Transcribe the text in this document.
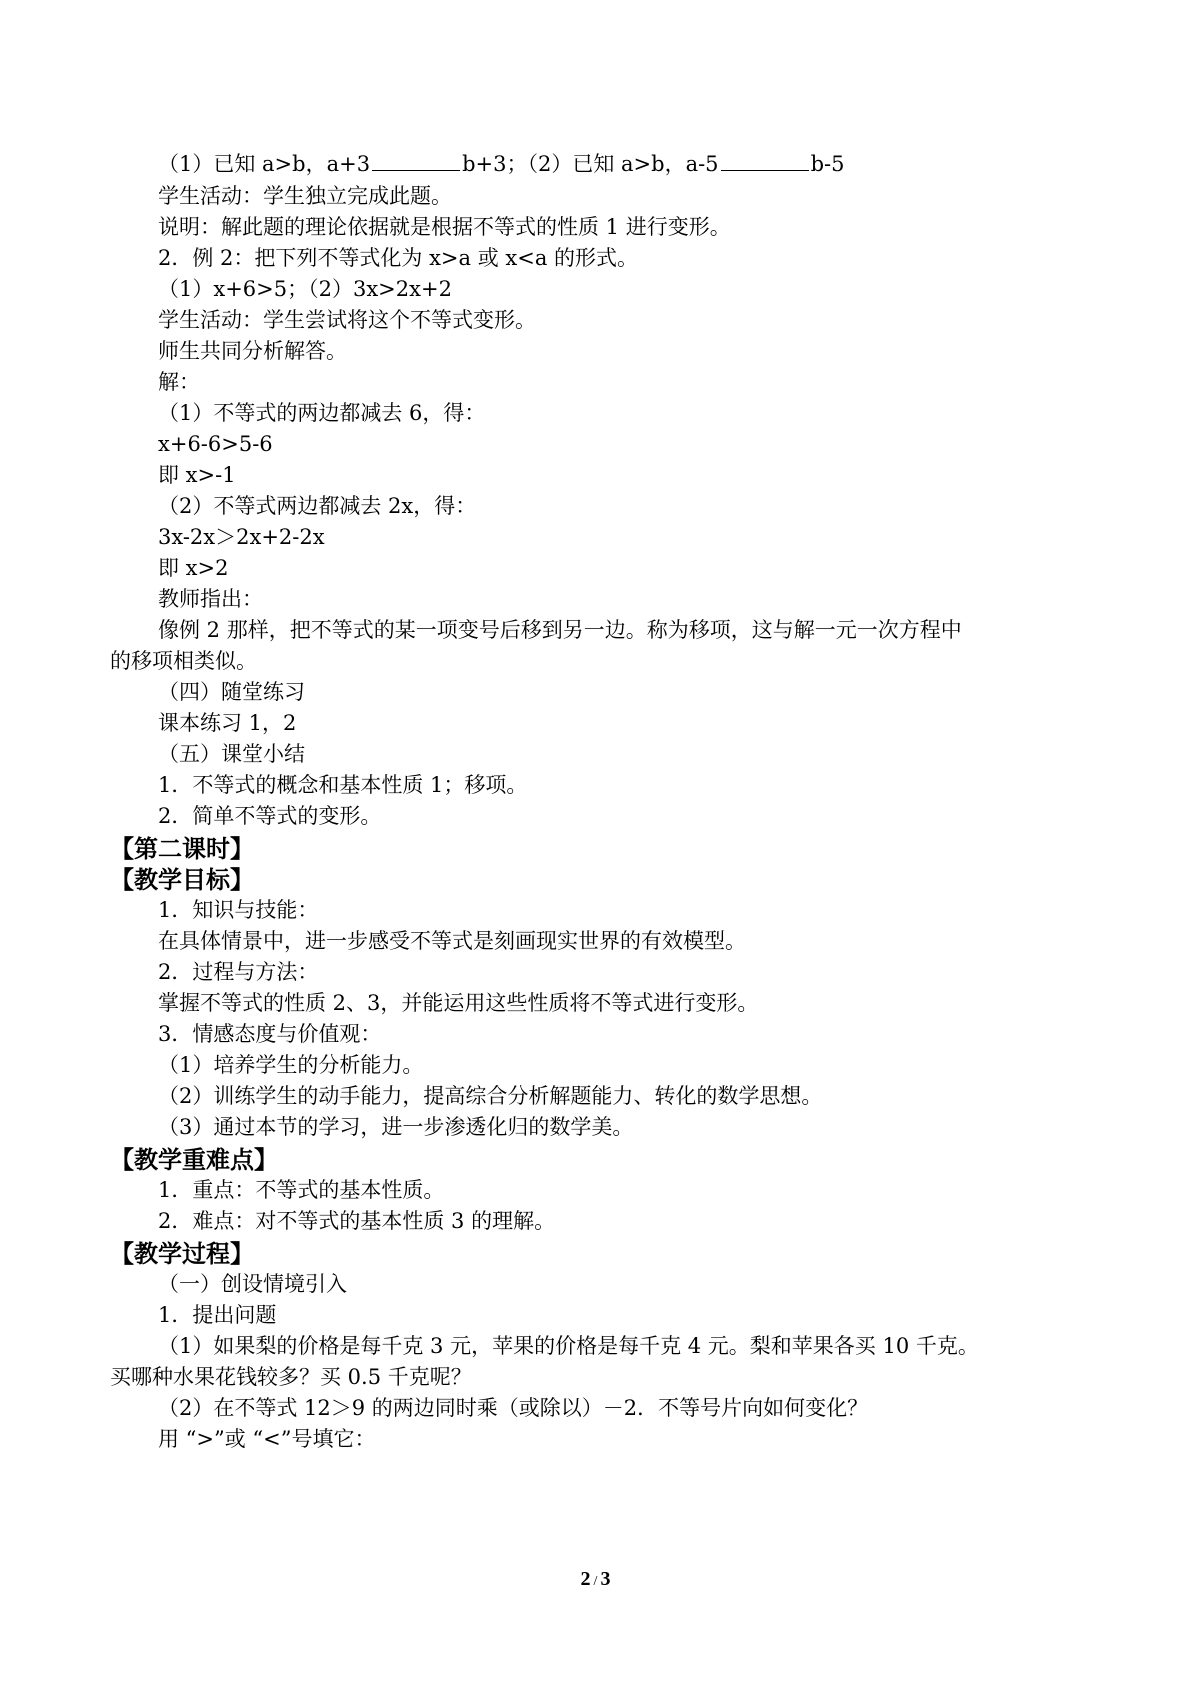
（1）已知 a>b，a+3	b+3；（2）已知 a>b，a-5	b-5
学生活动：学生独立完成此题。
说明：解此题的理论依据就是根据不等式的性质 1 进行变形。
2．例 2：把下列不等式化为 x>a 或 x<a 的形式。
（1）x+6>5；（2）3x>2x+2
学生活动：学生尝试将这个不等式变形。
师生共同分析解答。
解：
（1）不等式的两边都减去 6，得：
x+6-6>5-6
即 x>-1
（2）不等式两边都减去 2x，得：
3x-2x＞2x+2-2x
即 x>2
教师指出：
像例 2 那样，把不等式的某一项变号后移到另一边。称为移项，这与解一元一次方程中
的移项相类似。
（四）随堂练习
课本练习 1，2
（五）课堂小结
1．不等式的概念和基本性质 1；移项。
2．简单不等式的变形。
【第二课时】
【教学目标】
1．知识与技能：
在具体情景中，进一步感受不等式是刻画现实世界的有效模型。
2．过程与方法：
掌握不等式的性质 2、3，并能运用这些性质将不等式进行变形。
3．情感态度与价值观：
（1）培养学生的分析能力。
（2）训练学生的动手能力，提高综合分析解题能力、转化的数学思想。
（3）通过本节的学习，进一步渗透化归的数学美。
【教学重难点】
1．重点：不等式的基本性质。
2．难点：对不等式的基本性质 3 的理解。
【教学过程】
（一）创设情境引入
1．提出问题
（1）如果梨的价格是每千克 3 元，苹果的价格是每千克 4 元。梨和苹果各买 10 千克。
买哪种水果花钱较多？买 0.5 千克呢？
（2）在不等式 12＞9 的两边同时乘（或除以）－2．不等号片向如何变化？
用 “>”或 “<”号填它：
2 / 3
